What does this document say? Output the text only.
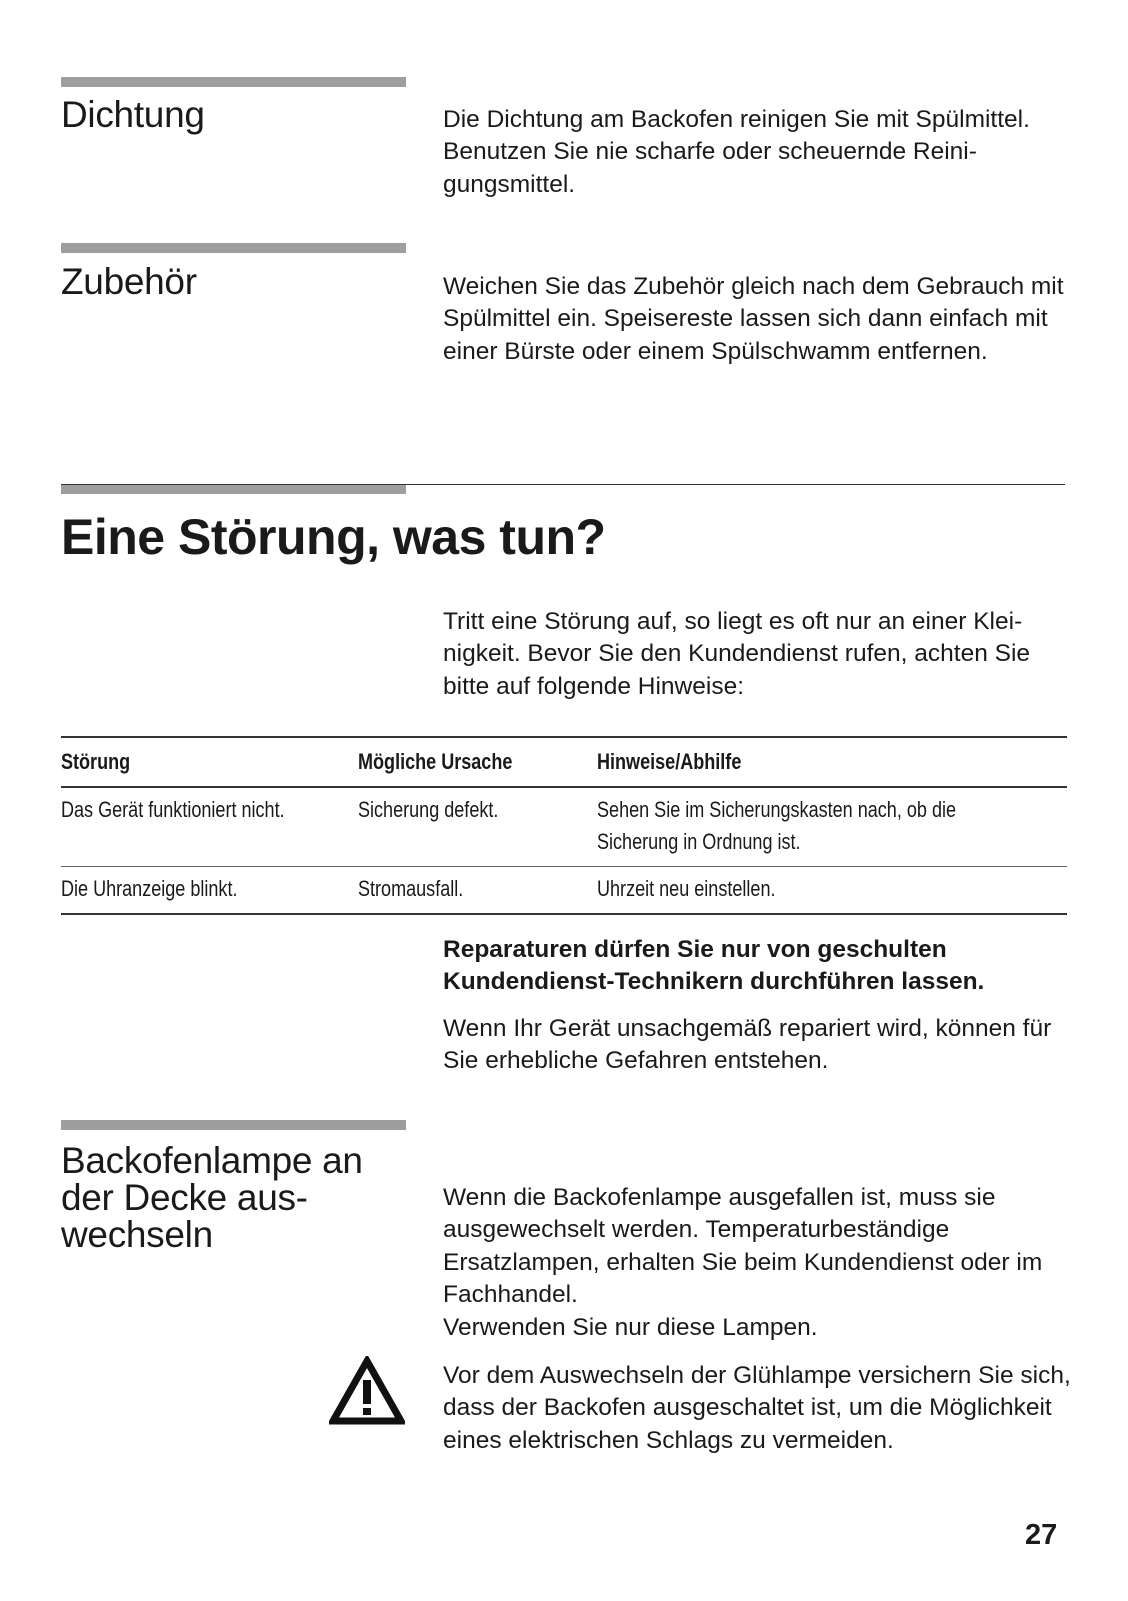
Dichtung	Die Dichtung am Backofen reinigen Sie mit Spülmittel. Benutzen Sie nie scharfe oder scheuernde Reini-gungsmittel.

Zubehör	Weichen Sie das Zubehör gleich nach dem Gebrauch mit Spülmittel ein. Speisereste lassen sich dann einfach mit einer Bürste oder einem Spülschwamm entfernen.

Eine Störung, was tun?

Tritt eine Störung auf, so liegt es oft nur an einer Klei-nigkeit. Bevor Sie den Kundendienst rufen, achten Sie bitte auf folgende Hinweise:

Störung	Mögliche Ursache	Hinweise/Abhilfe
Das Gerät funktioniert nicht.	Sicherung defekt.	Sehen Sie im Sicherungskasten nach, ob die Sicherung in Ordnung ist.
Die Uhranzeige blinkt.	Stromausfall.	Uhrzeit neu einstellen.

Reparaturen dürfen Sie nur von geschulten Kundendienst-Technikern durchführen lassen.

Wenn Ihr Gerät unsachgemäß repariert wird, können für Sie erhebliche Gefahren entstehen.

Backofenlampe an
der Decke aus-
wechseln

Wenn die Backofenlampe ausgefallen ist, muss sie ausgewechselt werden. Temperaturbeständige Ersatzlampen, erhalten Sie beim Kundendienst oder im Fachhandel.

Verwenden Sie nur diese Lampen.

Vor dem Auswechseln der Glühlampe versichern Sie sich, dass der Backofen ausgeschaltet ist, um die Möglichkeit eines elektrischen Schlags zu vermeiden.

27
